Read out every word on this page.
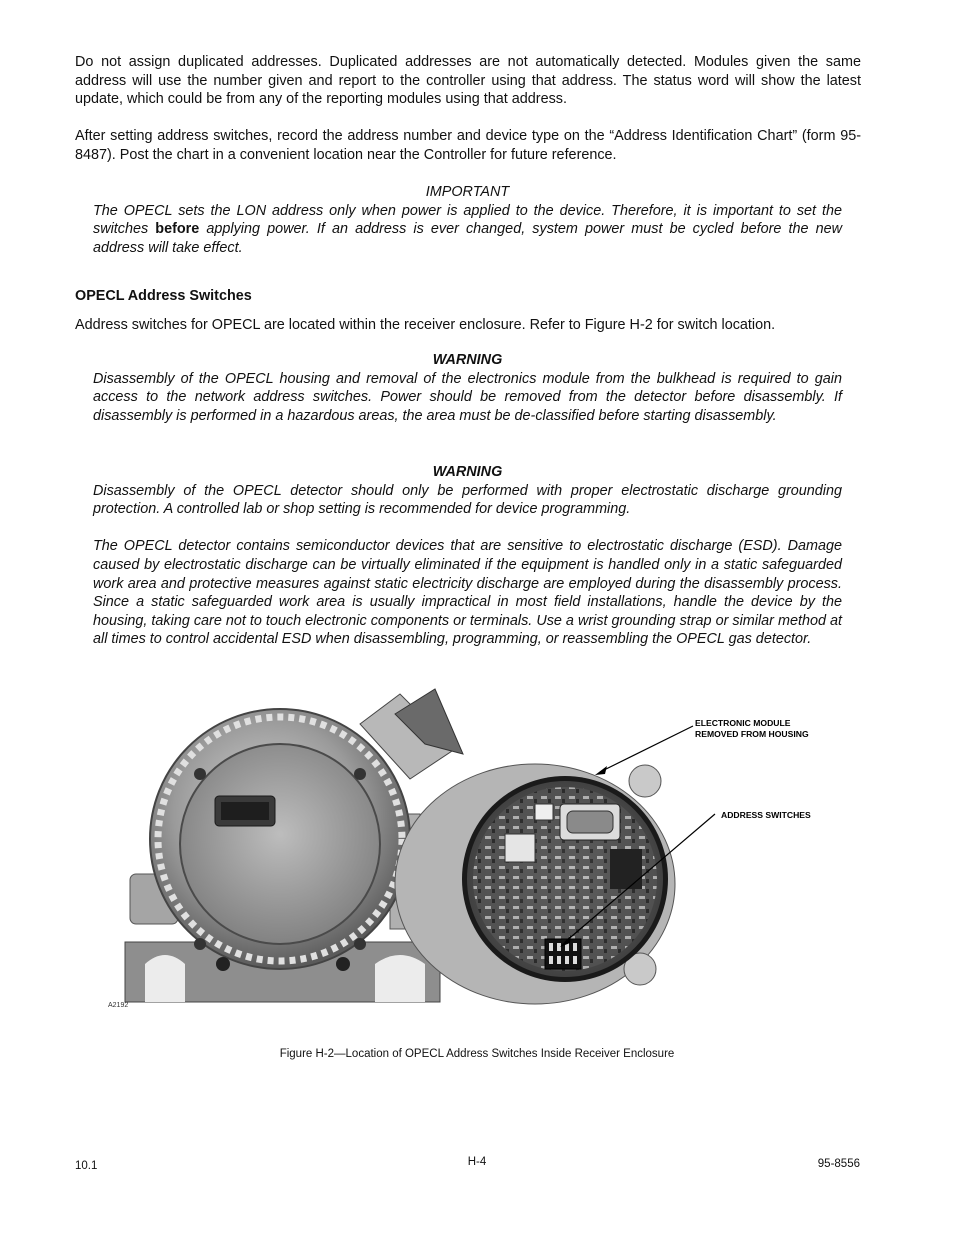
Do not assign duplicated addresses. Duplicated addresses are not automatically detected. Modules given the same address will use the number given and report to the controller using that address. The status word will show the latest update, which could be from any of the reporting modules using that address.

After setting address switches, record the address number and device type on the “Address Identification Chart” (form 95-8487). Post the chart in a convenient location near the Controller for future reference.

IMPORTANT

The OPECL sets the LON address only when power is applied to the device. Therefore, it is important to set the switches before applying power. If an address is ever changed, system power must be cycled before the new address will take effect.

OPECL Address Switches

Address switches for OPECL are located within the receiver enclosure. Refer to Figure H-2 for switch location.

WARNING

Disassembly of the OPECL housing and removal of the electronics module from the bulkhead is required to gain access to the network address switches. Power should be removed from the detector before disassembly. If disassembly is performed in a hazardous areas, the area must be de-classified before starting disassembly.

WARNING

Disassembly of the OPECL detector should only be performed with proper electrostatic discharge grounding protection. A controlled lab or shop setting is recommended for device programming.

The OPECL detector contains semiconductor devices that are sensitive to electrostatic discharge (ESD). Damage caused by electrostatic discharge can be virtually eliminated if the equipment is handled only in a static safeguarded work area and protective measures against static electricity discharge are employed during the disassembly process. Since a static safeguarded work area is usually impractical in most field installations, handle the device by the housing, taking care not to touch electronic components or terminals. Use a wrist grounding strap or similar method at all times to control accidental ESD when disassembling, programming, or reassembling the OPECL gas detector.

ELECTRONIC MODULE
REMOVED FROM HOUSING
ADDRESS SWITCHES
A2192
Figure H-2—Location of OPECL Address Switches Inside Receiver Enclosure
10.1	H-4	95-8556
